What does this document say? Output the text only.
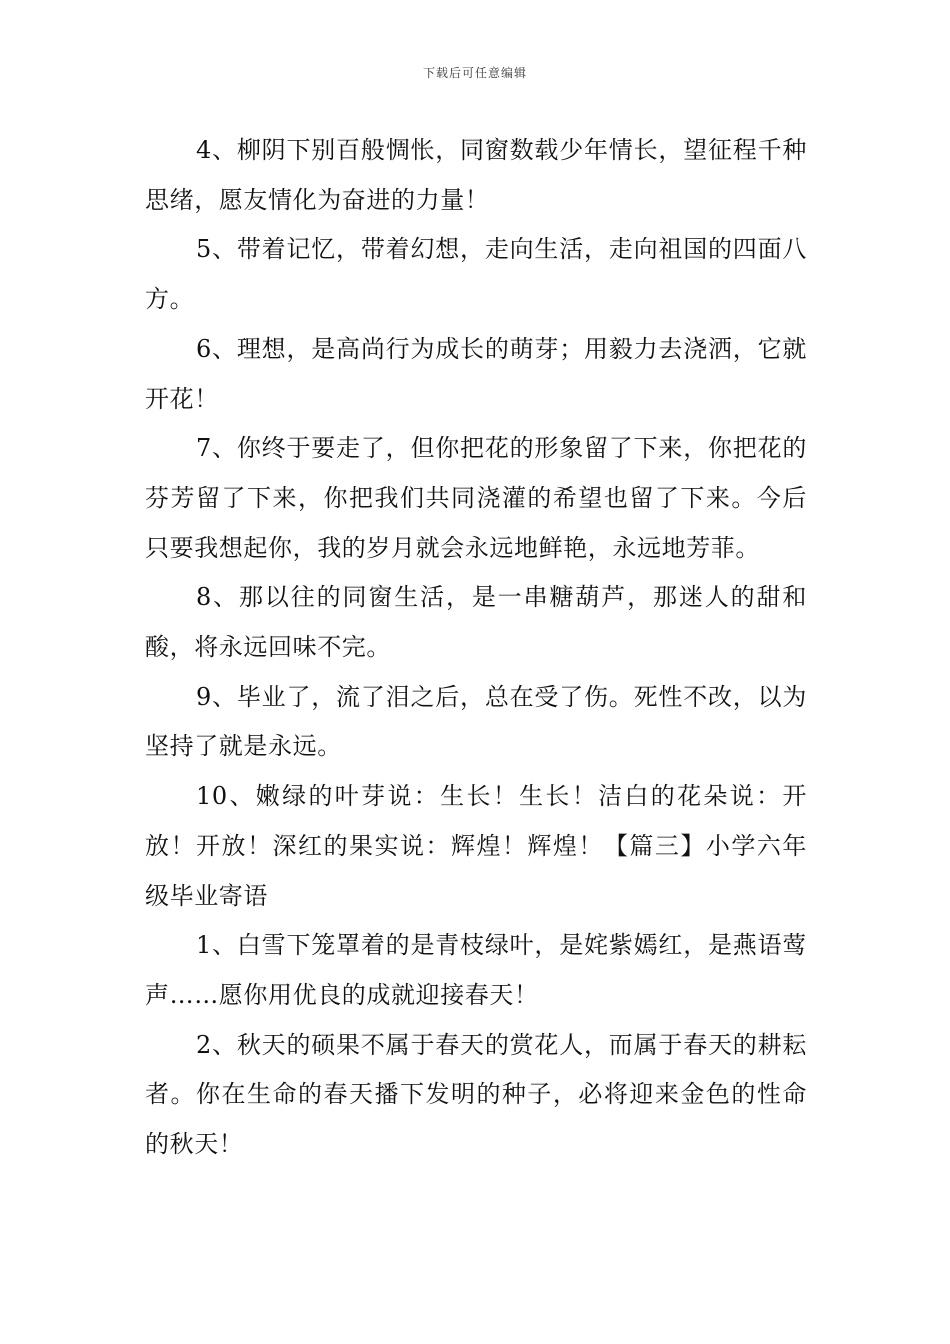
下载后可任意编辑

4、柳阴下别百般惆怅，同窗数载少年情长，望征程千种思绪，愿友情化为奋进的力量！

5、带着记忆，带着幻想，走向生活，走向祖国的四面八方。

6、理想，是高尚行为成长的萌芽；用毅力去浇洒，它就开花！

7、你终于要走了，但你把花的形象留了下来，你把花的芬芳留了下来，你把我们共同浇灌的希望也留了下来。今后只要我想起你，我的岁月就会永远地鲜艳，永远地芳菲。

8、那以往的同窗生活，是一串糖葫芦，那迷人的甜和酸，将永远回味不完。

9、毕业了，流了泪之后，总在受了伤。死性不改，以为坚持了就是永远。

10、嫩绿的叶芽说：生长！生长！洁白的花朵说：开放！开放！深红的果实说：辉煌！辉煌！【篇三】小学六年级毕业寄语

1、白雪下笼罩着的是青枝绿叶，是姹紫嫣红，是燕语莺声……愿你用优良的成就迎接春天！

2、秋天的硕果不属于春天的赏花人，而属于春天的耕耘者。你在生命的春天播下发明的种子，必将迎来金色的性命的秋天！
